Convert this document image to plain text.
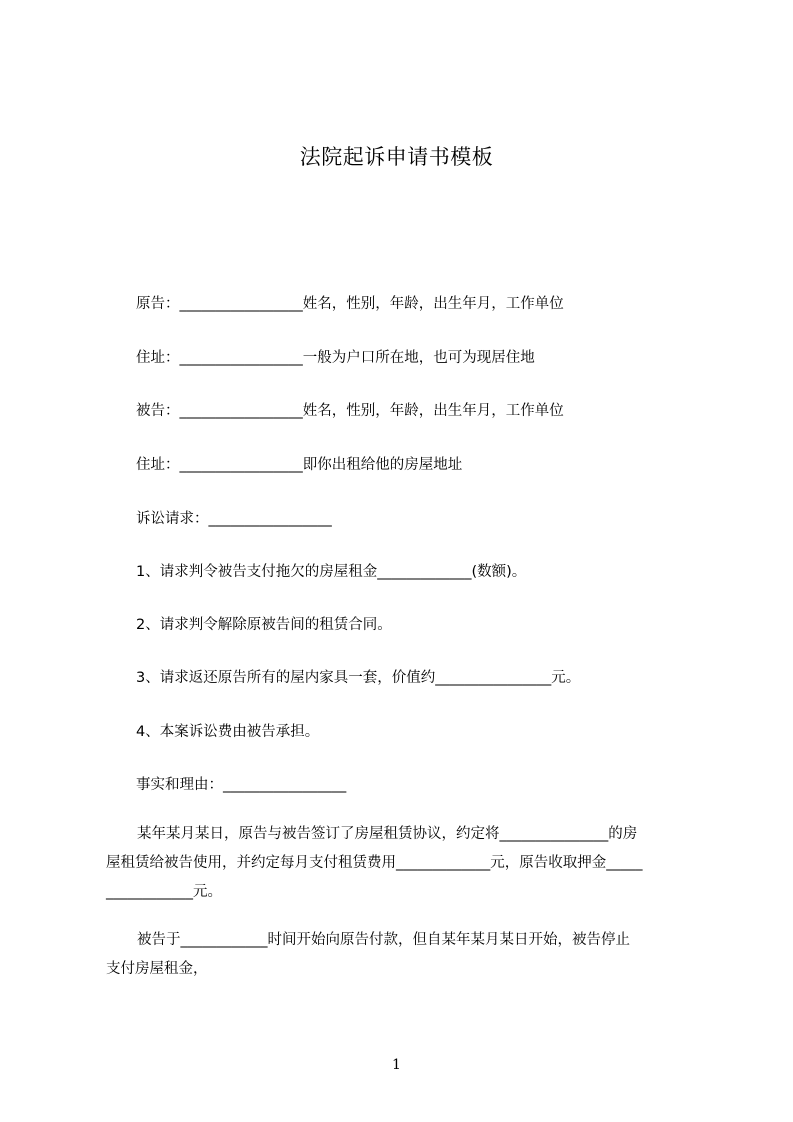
法院起诉申请书模板
原告：_________________姓名，性别，年龄，出生年月，工作单位
住址：_________________一般为户口所在地，也可为现居住地
被告：_________________姓名，性别，年龄，出生年月，工作单位
住址：_________________即你出租给他的房屋地址
诉讼请求：_________________
1、请求判令被告支付拖欠的房屋租金_____________(数额)。
2、请求判令解除原被告间的租赁合同。
3、请求返还原告所有的屋内家具一套，价值约________________元。
4、本案诉讼费由被告承担。
事实和理由：_________________
某年某月某日，原告与被告签订了房屋租赁协议，约定将_______________的房
屋租赁给被告使用，并约定每月支付租赁费用_____________元，原告收取押金_____
____________元。
被告于____________时间开始向原告付款，但自某年某月某日开始，被告停止
支付房屋租金，
1
